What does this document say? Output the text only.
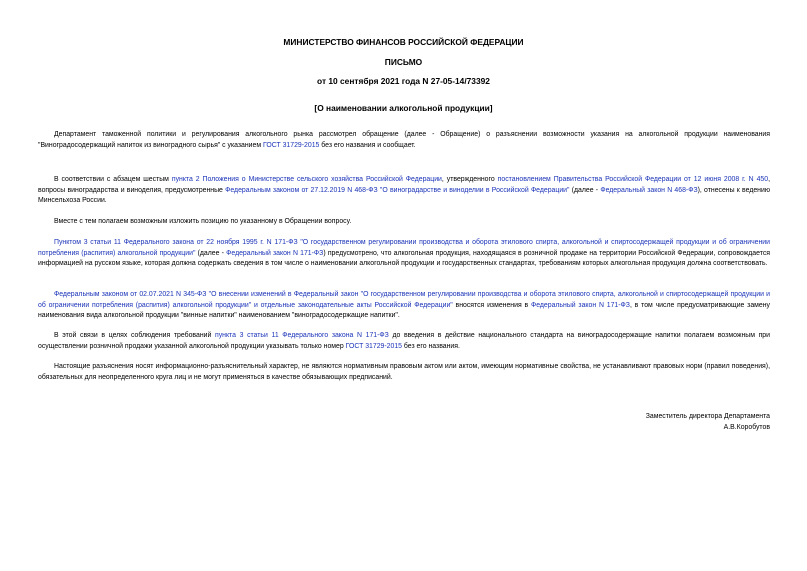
МИНИСТЕРСТВО ФИНАНСОВ РОССИЙСКОЙ ФЕДЕРАЦИИ
ПИСЬМО
от 10 сентября 2021 года N 27-05-14/73392
[О наименовании алкогольной продукции]
Департамент таможенной политики и регулирования алкогольного рынка рассмотрел обращение (далее - Обращение) о разъяснении возможности указания на алкогольной продукции наименования "Виноградосодержащий напиток из виноградного сырья" с указанием ГОСТ 31729-2015 без его названия и сообщает.
В соответствии с абзацем шестым пункта 2 Положения о Министерстве сельского хозяйства Российской Федерации, утвержденного постановлением Правительства Российской Федерации от 12 июня 2008 г. N 450, вопросы виноградарства и виноделия, предусмотренные Федеральным законом от 27.12.2019 N 468-ФЗ "О виноградарстве и виноделии в Российской Федерации" (далее - Федеральный закон N 468-ФЗ), отнесены к ведению Минсельхоза России.
Вместе с тем полагаем возможным изложить позицию по указанному в Обращении вопросу.
Пунктом 3 статьи 11 Федерального закона от 22 ноября 1995 г. N 171-ФЗ "О государственном регулировании производства и оборота этилового спирта, алкогольной и спиртосодержащей продукции и об ограничении потребления (распития) алкогольной продукции" (далее - Федеральный закон N 171-ФЗ) предусмотрено, что алкогольная продукция, находящаяся в розничной продаже на территории Российской Федерации, сопровождается информацией на русском языке, которая должна содержать сведения в том числе о наименовании алкогольной продукции и государственных стандартах, требованиям которых алкогольная продукция должна соответствовать.
Федеральным законом от 02.07.2021 N 345-ФЗ "О внесении изменений в Федеральный закон "О государственном регулировании производства и оборота этилового спирта, алкогольной и спиртосодержащей продукции и об ограничении потребления (распития) алкогольной продукции" и отдельные законодательные акты Российской Федерации" вносятся изменения в Федеральный закон N 171-ФЗ, в том числе предусматривающие замену наименования вида алкогольной продукции "винные напитки" наименованием "виноградосодержащие напитки".
В этой связи в целях соблюдения требований пункта 3 статьи 11 Федерального закона N 171-ФЗ до введения в действие национального стандарта на виноградосодержащие напитки полагаем возможным при осуществлении розничной продажи указанной алкогольной продукции указывать только номер ГОСТ 31729-2015 без его названия.
Настоящие разъяснения носят информационно-разъяснительный характер, не являются нормативным правовым актом или актом, имеющим нормативные свойства, не устанавливают правовых норм (правил поведения), обязательных для неопределенного круга лиц и не могут применяться в качестве обязывающих предписаний.
Заместитель директора Департамента
А.В.Коробутов
